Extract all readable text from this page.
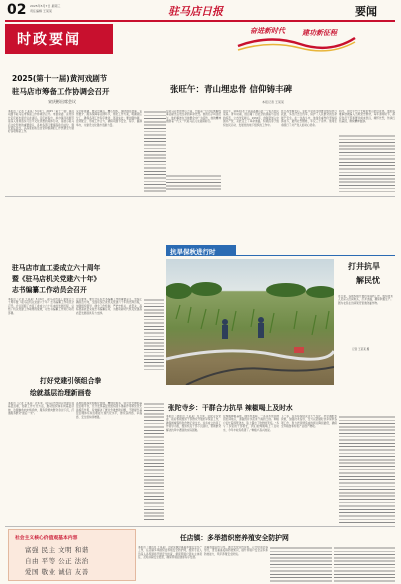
02 2025年5月7日 星期三
责任编辑 王某某	驻马店日报	要闻
时政要闻
奋进新时代 建功新征程
2025(第十一届)黄河戏剧节
驻马店市筹备工作协调会召开
宋庆彬出席会议
本报讯（记者 王某某）5月6日，2025（第十一届）黄河戏剧节驻马店市筹备工作协调会召开。市委常委、宣传部长宋庆彬出席会议并讲话。宋庆彬指出，举办黄河戏剧节是深入贯彻落实习近平文化思想的具体行动，是展示驻马店文化形象的重要窗口，各地各部门要提高政治站位，强化责任担当，以高度的政治自觉和饱满的工作热情全力做好各项筹备工作。
宋庆彬强调，要突出重点、精心组织，围绕剧目展演、宣传推介、服务保障等关键环节，细化工作方案，明确责任分工，确保各项工作有序推进、落到实处；要加强协调、密切配合，形成工作合力，确保戏剧节安全、有序、圆满举办，为建设文化强市贡献力量。
张旺午：青山埋忠骨 信仰铸丰碑
本报记者 王某某
在驻马店市的青山之间，长眠着一位为民族解放事业献出宝贵生命的革命先烈。他的名字叫张旺午，他的事迹在当地群众中广为流传，他的精神激励着一代又一代驻马店儿女砥砺前行。
张旺午，1912年生于河南省确山县一个贫苦农民家庭。青年时期，他目睹了旧社会的黑暗与百姓的疾苦，立志改变命运。1932年，他秘密加入中国共产党，从此走上了革命道路，积极投身于组织农民运动、发展党的地下组织的工作中。
抗日战争爆发后，张旺午带领当地群众组织抗日武装，多次打击日伪军，保护了人民群众的生命财产安全。在一次战斗中，他身负重伤仍坚持指挥战斗，最终壮烈牺牲，年仅三十余岁。他用生命践行了共产党人的初心使命。
如今，张旺午烈士长眠的青山依旧苍翠，他的英雄事迹被编入当地党史教材，每年清明时节，都有党员干部和群众前来祭扫，缅怀先烈，传承红色基因，赓续精神血脉。
驻马店市直工委成立六十周年
暨《驻马店机关党建六十年》
志书编纂工作动员会召开
本报讯（记者 王某某）5月6日，驻马店市直工委成立六十周年暨《驻马店机关党建六十年》志书编纂工作动员会召开。会议回顾了市直工委成立六十年来的发展历程，总结了机关党建工作取得的成效，对志书编纂工作进行动员部署。
会议要求，要充分认识志书编纂工作的重要意义，坚持正确政治方向，全面系统记录机关党建六十年的光辉历程，加强组织领导，健全工作机制，严把史料关、质量关，高标准高质量完成志书编纂任务，为推动新时代机关党建高质量发展提供有力支撑。
打好党建引领组合拳
绘就基层治理新画卷
本报讯（记者 王某某）近年来，驻马店市坚持以党建引领基层治理，创新工作方式方法，推动组织体系向基层延伸，治理触角向末梢延伸，服务资源向群众身边下沉，打通服务群众“最后一米”。
各地积极探索网格化管理、精细化服务、信息化支撑的基层治理平台，充分发挥基层党组织战斗堡垒作用和党员先锋模范作用，有效解决了群众急难愁盼问题，不断提升基层治理体系和治理能力现代化水平，群众获得感、幸福感、安全感持续增强。
抗旱保秋进行时
打井抗旱
解民忧
连日来，各地积极开展抗旱保秋工作，组织技术人员深入田间地头，打井浇灌，确保秋粮生产。图为农民在田间架设管道浇灌作物。
记者 王某某 摄
张陀寺乡：干群合力抗旱 辣椒喝上及时水
本报讯（通讯员 王某某）连日来，张陀寺乡党委、政府积极组织干部群众开展抗旱保苗工作，确保辣椒等特色作物正常生长。该乡成立抗旱工作领导小组，组织机关干部下沉到村，帮助群众解决抗旱中遇到的实际困难。
在辣椒种植基地，抽水机轰鸣，一条条水管延伸到田间地头，清澈的井水流进干渴的土地。种植户们忙着移管浇水，脸上露出了欣慰的笑容。“多亏了乡里的干部帮忙，我们的辣椒喝上了及时水，今年丰收有希望了。”种植户高兴地说。
下一步，该乡将持续关注天气变化，科学调配水资源，加强技术指导，全力以赴做好抗旱保秋各项工作，努力把旱情造成的损失降到最低，确保全年粮食和特色产业稳产增收。
社会主义核心价值观基本内容
富强 民主 文明 和谐
自由 平等 公正 法治
爱国 敬业 诚信 友善
任店镇：多举措织密养殖安全防护网
本报讯（通讯员 王某某）为切实做好畜禽养殖安全生产工作，任店镇多举措织密养殖安全防护网，组织专业人员深入各养殖场开展安全检查，督促养殖户落实主体责任，及时消除安全隐患，确保养殖业健康有序发展。
该镇加强宣传引导，通过发放宣传资料、召开培训会等形式，普及畜禽疫病防控知识，提升养殖户安全意识和防控能力，筑牢养殖安全防线。
